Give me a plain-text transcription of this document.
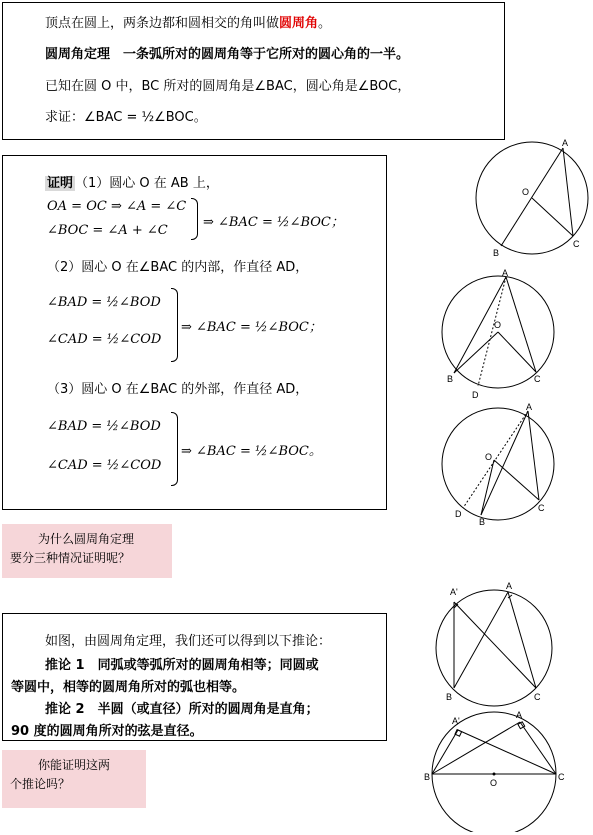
顶点在圆上，两条边都和圆相交的角叫做圆周角。
圆周角定理　一条弧所对的圆周角等于它所对的圆心角的一半。
已知在圆 O 中，BC 所对的圆周角是∠BAC，圆心角是∠BOC，
求证：∠BAC = ½∠BOC。
证明 （1）圆心 O 在 AB 上，
OA = OC ⇒ ∠A = ∠C
∠BOC = ∠A + ∠C
⇒ ∠BAC = ½∠BOC；
（2）圆心 O 在∠BAC 的内部，作直径 AD，
∠BAD = ½∠BOD
∠CAD = ½∠COD
⇒ ∠BAC = ½∠BOC；
（3）圆心 O 在∠BAC 的外部，作直径 AD，
∠BAD = ½∠BOD
∠CAD = ½∠COD
⇒ ∠BAC = ½∠BOC。
为什么圆周角定理
要分三种情况证明呢？
如图，由圆周角定理，我们还可以得到以下推论：
推论 1　同弧或等弧所对的圆周角相等；同圆或
等圆中，相等的圆周角所对的弧也相等。
推论 2　半圆（或直径）所对的圆周角是直角；
90 度的圆周角所对的弦是直径。
你能证明这两
个推论吗？
A
O
B
C
A
O
B	C
D
A
O
D
B
C
A'
A
B	C
A'
A
B
O
C
